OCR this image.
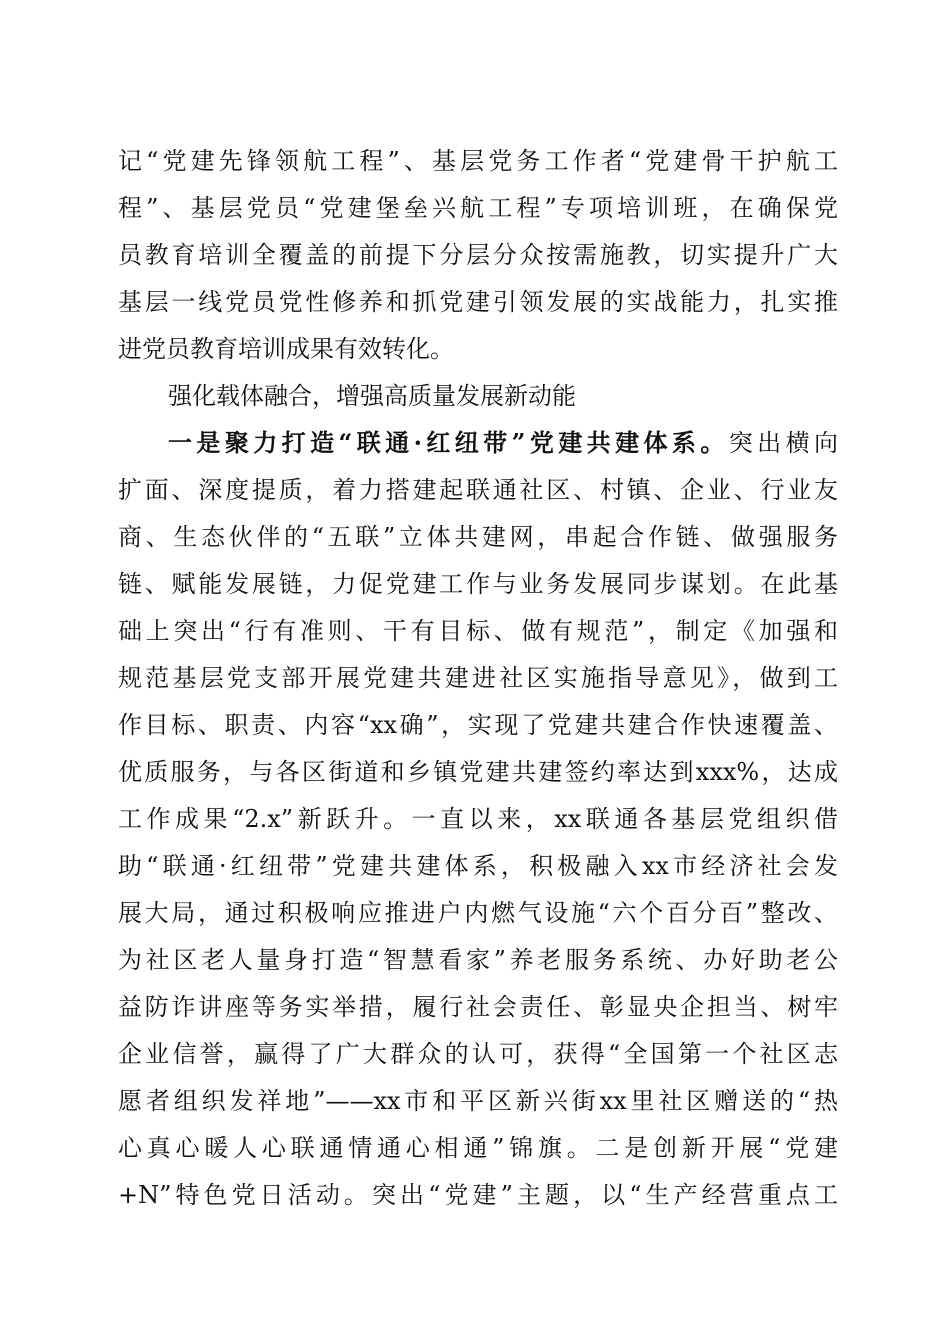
记“党建先锋领航工程”、基层党务工作者“党建骨干护航工
程”、基层党员“党建堡垒兴航工程”专项培训班，在确保党
员教育培训全覆盖的前提下分层分众按需施教，切实提升广大
基层一线党员党性修养和抓党建引领发展的实战能力，扎实推
进党员教育培训成果有效转化。
强化载体融合，增强高质量发展新动能
一是聚力打造“联通·红纽带”党建共建体系。突出横向
扩面、深度提质，着力搭建起联通社区、村镇、企业、行业友
商、生态伙伴的“五联”立体共建网，串起合作链、做强服务
链、赋能发展链，力促党建工作与业务发展同步谋划。在此基
础上突出“行有准则、干有目标、做有规范”，制定《加强和
规范基层党支部开展党建共建进社区实施指导意见》，做到工
作目标、职责、内容“xx确”，实现了党建共建合作快速覆盖、
优质服务，与各区街道和乡镇党建共建签约率达到xxx%，达成
工作成果“2.x”新跃升。一直以来，xx联通各基层党组织借
助“联通·红纽带”党建共建体系，积极融入xx市经济社会发
展大局，通过积极响应推进户内燃气设施“六个百分百”整改、
为社区老人量身打造“智慧看家”养老服务系统、办好助老公
益防诈讲座等务实举措，履行社会责任、彰显央企担当、树牢
企业信誉，赢得了广大群众的认可，获得“全国第一个社区志
愿者组织发祥地”——xx市和平区新兴街xx里社区赠送的“热
心真心暖人心联通情通心相通”锦旗。二是创新开展“党建
+N”特色党日活动。突出“党建”主题，以“生产经营重点工
